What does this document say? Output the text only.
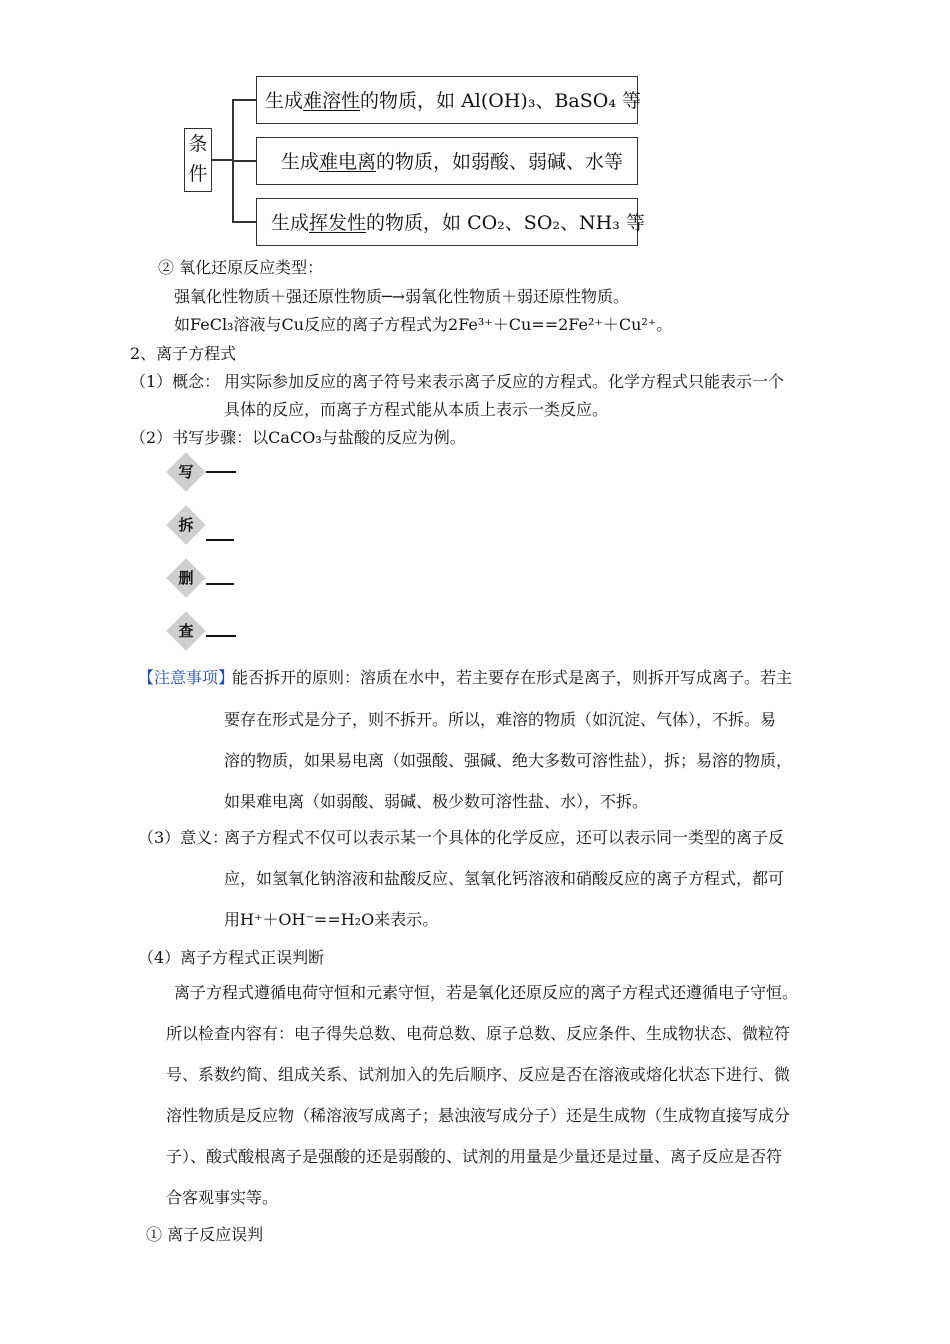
条
件
生成难溶性的物质，如 Al(OH)₃、BaSO₄ 等
生成难电离的物质，如弱酸、弱碱、水等
生成挥发性的物质，如 CO₂、SO₂、NH₃ 等
② 氧化还原反应类型：
强氧化性物质＋强还原性物质─→弱氧化性物质＋弱还原性物质。
如FeCl₃溶液与Cu反应的离子方程式为2Fe³⁺＋Cu==2Fe²⁺＋Cu²⁺。
2、离子方程式
（1）概念： 用实际参加反应的离子符号来表示离子反应的方程式。化学方程式只能表示一个
具体的反应，而离子方程式能从本质上表示一类反应。
（2）书写步骤：以CaCO₃与盐酸的反应为例。
写
拆
删
查
【注意事项】
能否拆开的原则：溶质在水中，若主要存在形式是离子，则拆开写成离子。若主
要存在形式是分子，则不拆开。所以，难溶的物质（如沉淀、气体），不拆。易
溶的物质，如果易电离（如强酸、强碱、绝大多数可溶性盐），拆；易溶的物质，
如果难电离（如弱酸、弱碱、极少数可溶性盐、水），不拆。
（3）意义：
离子方程式不仅可以表示某一个具体的化学反应，还可以表示同一类型的离子反
应，如氢氧化钠溶液和盐酸反应、氢氧化钙溶液和硝酸反应的离子方程式，都可
用H⁺＋OH⁻==H₂O来表示。
（4）离子方程式正误判断
离子方程式遵循电荷守恒和元素守恒，若是氧化还原反应的离子方程式还遵循电子守恒。
所以检查内容有：电子得失总数、电荷总数、原子总数、反应条件、生成物状态、微粒符
号、系数约简、组成关系、试剂加入的先后顺序、反应是否在溶液或熔化状态下进行、微
溶性物质是反应物（稀溶液写成离子；悬浊液写成分子）还是生成物（生成物直接写成分
子）、酸式酸根离子是强酸的还是弱酸的、试剂的用量是少量还是过量、离子反应是否符
合客观事实等。
① 离子反应误判
